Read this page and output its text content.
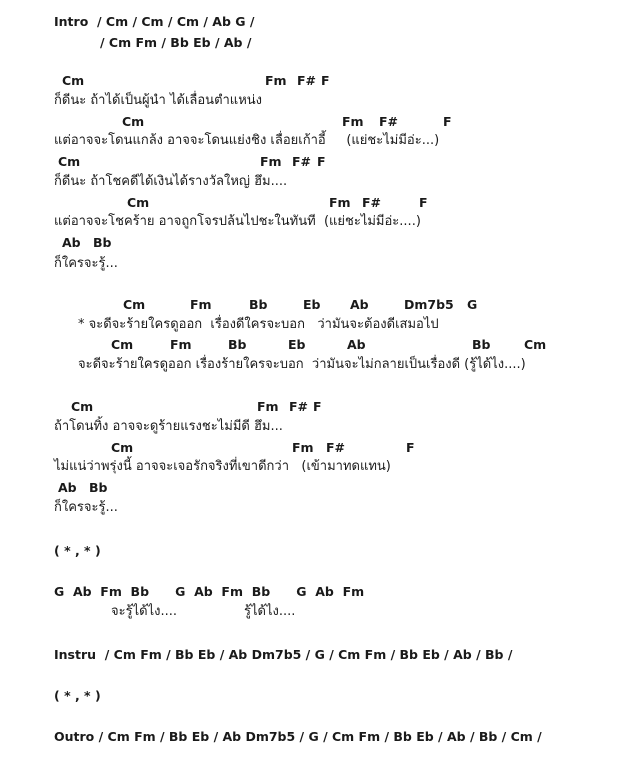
Intro  / Cm / Cm / Cm / Ab G /
/ Cm Fm / Bb Eb / Ab /
Cm	Fm F# F
ก็ดีนะ ถ้าได้เป็นผู้นำ ได้เลื่อนตำแหน่ง
Cm	Fm F#	F
แต่อาจจะโดนแกล้ง อาจจะโดนแย่งชิง เลื่อยเก้าอี้     (แย่ชะไม่มีอ่ะ...)
Cm	Fm F# F
ก็ดีนะ ถ้าโชคดีได้เงินได้รางวัลใหญ่ ฮึม....
Cm	Fm F#	F
แต่อาจจะโชคร้าย อาจถูกโจรปล้นไปชะในทันที  (แย่ชะไม่มีอ่ะ....)
Ab Bb
ก็ใครจะรู้...
Cm	Fm	Bb	Eb Ab	Dm7b5 G
* จะดีจะร้ายใครดูออก  เรื่องดีใครจะบอก   ว่ามันจะต้องดีเสมอไป
Cm	Fm	Bb	Eb	Ab	Bb	Cm
จะดีจะร้ายใครดูออก เรื่องร้ายใครจะบอก  ว่ามันจะไม่กลายเป็นเรื่องดี (รู้ได้ไง....)
Cm	Fm F# F
ถ้าโดนทิ้ง อาจจะดูร้ายแรงชะไม่มีดี ฮึม...
Cm	Fm F#	F
ไม่แน่ว่าพรุ่งนี้ อาจจะเจอรักจริงที่เขาดีกว่า   (เข้ามาทดแทน)
Ab Bb
ก็ใครจะรู้...
( * , * )
G  Ab  Fm  Bb      G  Ab  Fm  Bb      G  Ab  Fm
จะรู้ได้ไง....	รู้ได้ไง....
Instru  / Cm Fm / Bb Eb / Ab Dm7b5 / G / Cm Fm / Bb Eb / Ab / Bb /
( * , * )
Outro / Cm Fm / Bb Eb / Ab Dm7b5 / G / Cm Fm / Bb Eb / Ab / Bb / Cm /
